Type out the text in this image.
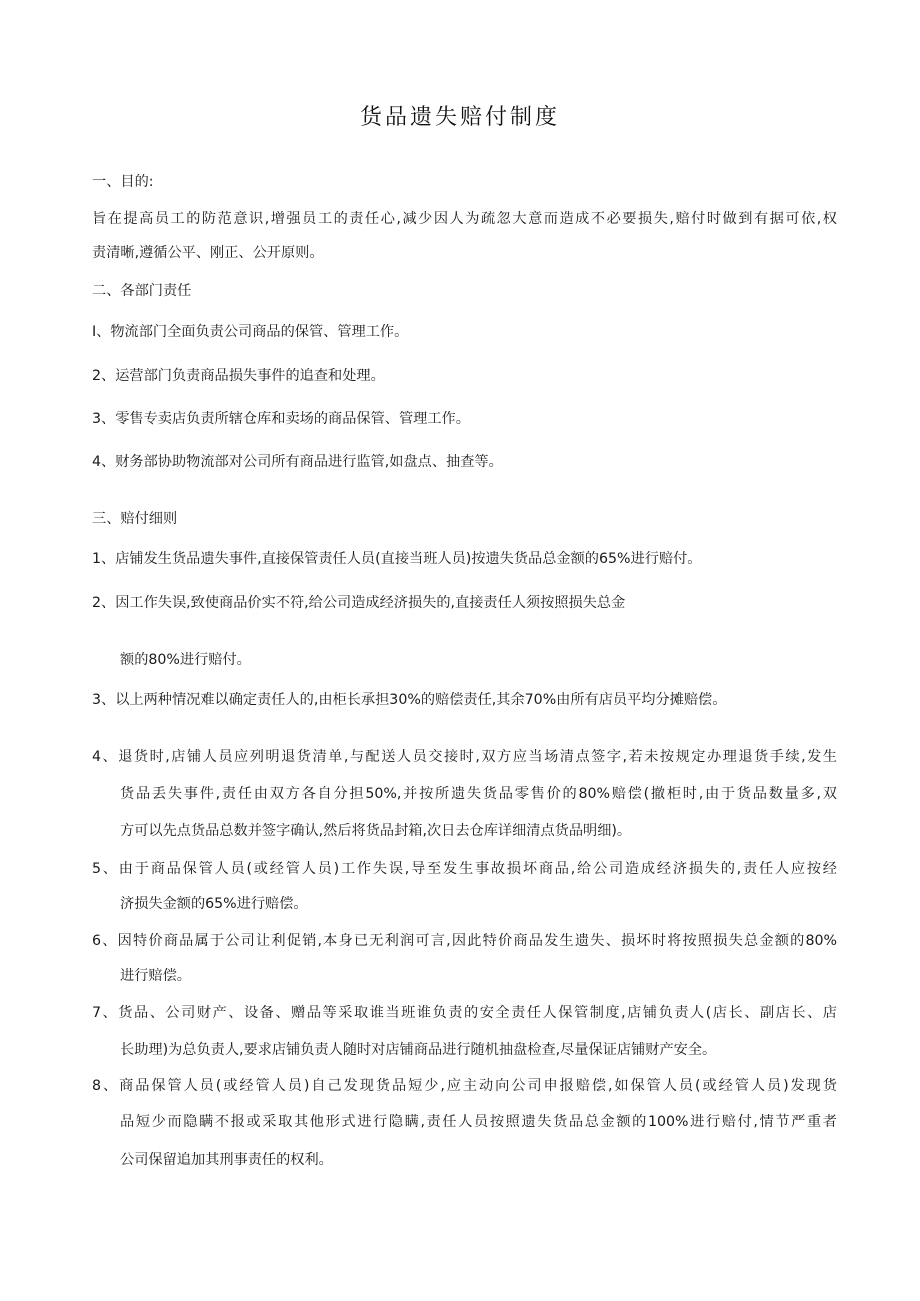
货品遗失赔付制度
一、目的:
旨在提高员工的防范意识,增强员工的责任心,减少因人为疏忽大意而造成不必要损失,赔付时做到有据可依,权
责清晰,遵循公平、刚正、公开原则。
二、各部门责任
I、物流部门全面负责公司商品的保管、管理工作。
2、运营部门负责商品损失事件的追查和处理。
3、零售专卖店负责所辖仓库和卖场的商品保管、管理工作。
4、财务部协助物流部对公司所有商品进行监管,如盘点、抽查等。
三、赔付细则
1、店铺发生货品遗失事件,直接保管责任人员(直接当班人员)按遗失货品总金额的65%进行赔付。
2、因工作失误,致使商品价实不符,给公司造成经济损失的,直接责任人须按照损失总金
额的80%进行赔付。
3、以上两种情况难以确定责任人的,由柜长承担30%的赔偿责任,其余70%由所有店员平均分摊赔偿。
4、退货时,店铺人员应列明退货清单,与配送人员交接时,双方应当场清点签字,若未按规定办理退货手续,发生
货品丢失事件,责任由双方各自分担50%,并按所遗失货品零售价的80%赔偿(撤柜时,由于货品数量多,双
方可以先点货品总数并签字确认,然后将货品封箱,次日去仓库详细清点货品明细)。
5、由于商品保管人员(或经管人员)工作失误,导至发生事故损坏商品,给公司造成经济损失的,责任人应按经
济损失金额的65%进行赔偿。
6、因特价商品属于公司让利促销,本身已无利润可言,因此特价商品发生遗失、损坏时将按照损失总金额的80%
进行赔偿。
7、货品、公司财产、设备、赠品等采取谁当班谁负责的安全责任人保管制度,店铺负责人(店长、副店长、店
长助理)为总负责人,要求店铺负责人随时对店铺商品进行随机抽盘检查,尽量保证店铺财产安全。
8、商品保管人员(或经管人员)自己发现货品短少,应主动向公司申报赔偿,如保管人员(或经管人员)发现货
品短少而隐瞒不报或采取其他形式进行隐瞒,责任人员按照遗失货品总金额的100%进行赔付,情节严重者
公司保留追加其刑事责任的权利。
